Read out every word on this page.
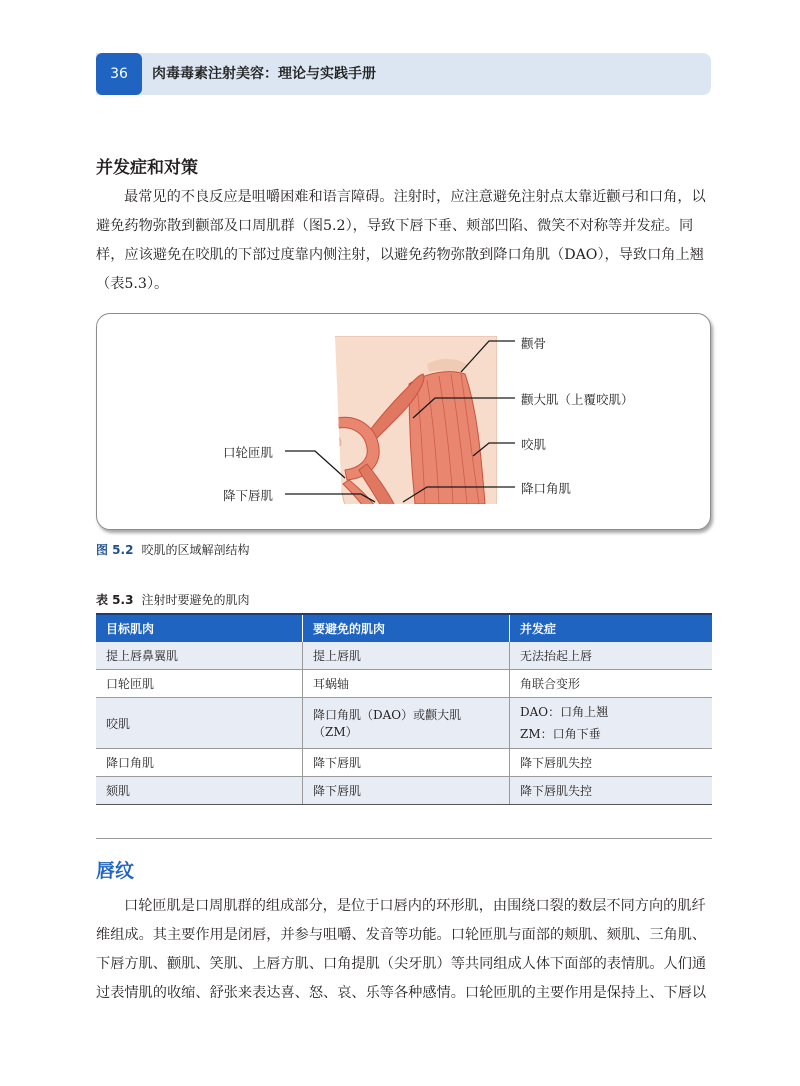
36	肉毒毒素注射美容：理论与实践手册
并发症和对策

最常见的不良反应是咀嚼困难和语言障碍。注射时，应注意避免注射点太靠近颧弓和口角，以
避免药物弥散到颧部及口周肌群（图5.2），导致下唇下垂、颊部凹陷、微笑不对称等并发症。同
样，应该避免在咬肌的下部过度靠内侧注射，以避免药物弥散到降口角肌（DAO），导致口角上翘
（表5.3）。

颧骨
颧大肌（上覆咬肌）
咬肌
降口角肌
口轮匝肌
降下唇肌
图 5.2 咬肌的区域解剖结构
表 5.3 注射时要避免的肌肉
目标肌肉	要避免的肌肉	并发症
提上唇鼻翼肌	提上唇肌	无法抬起上唇
口轮匝肌	耳蜗轴	角联合变形
咬肌	降口角肌（DAO）或颧大肌（ZM）	DAO：口角上翘
ZM：口角下垂

降口角肌	降下唇肌	降下唇肌失控
颏肌	降下唇肌	降下唇肌失控
唇纹

口轮匝肌是口周肌群的组成部分，是位于口唇内的环形肌，由围绕口裂的数层不同方向的肌纤
维组成。其主要作用是闭唇，并参与咀嚼、发音等功能。口轮匝肌与面部的颊肌、颏肌、三角肌、
下唇方肌、颧肌、笑肌、上唇方肌、口角提肌（尖牙肌）等共同组成人体下面部的表情肌。人们通
过表情肌的收缩、舒张来表达喜、怒、哀、乐等各种感情。口轮匝肌的主要作用是保持上、下唇以
